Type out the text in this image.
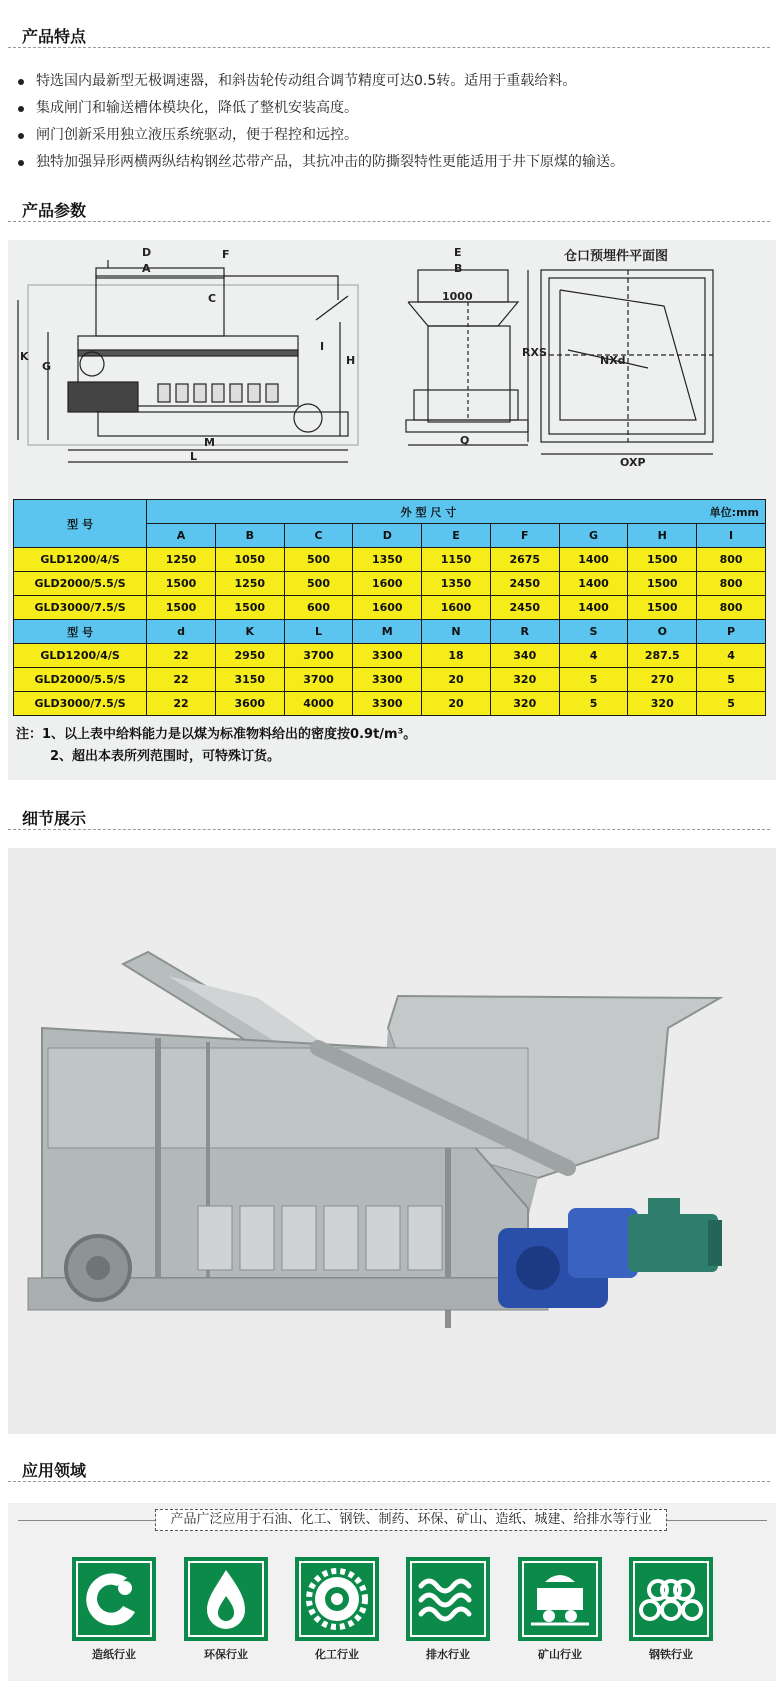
产品特点
特选国内最新型无极调速器，和斜齿轮传动组合调节精度可达0.5转。适用于重载给料。
集成闸门和输送槽体模块化，降低了整机安装高度。
闸门创新采用独立液压系统驱动，便于程控和远控。
独特加强异形两横两纵结构钢丝芯带产品，其抗冲击的防撕裂特性更能适用于井下原煤的输送。
产品参数
D
A
F
C
K
G
M
L
E
B
H
I
Q
RXS
NXd
OXP
1000
仓口预埋件平面图
型 号	单位:mm
外 型 尺 寸								
	A	B	C	D	E	F	G	H	I
GLD1200/4/S	1250	1050	500	1350	1150	2675	1400	1500	800
GLD2000/5.5/S	1500	1250	500	1600	1350	2450	1400	1500	800
GLD3000/7.5/S	1500	1500	600	1600	1600	2450	1400	1500	800
型 号	d	K	L	M	N	R	S	O	P
GLD1200/4/S	22	2950	3700	3300	18	340	4	287.5	4
GLD2000/5.5/S	22	3150	3700	3300	20	320	5	270	5
GLD3000/7.5/S	22	3600	4000	3300	20	320	5	320	5
注：1、以上表中给料能力是以煤为标准物料给出的密度按0.9t/m³。
2、超出本表所列范围时，可特殊订货。
细节展示
应用领域
产品广泛应用于石油、化工、钢铁、制药、环保、矿山、造纸、城建、给排水等行业
造纸行业	环保行业	化工行业	排水行业	矿山行业	钢铁行业
